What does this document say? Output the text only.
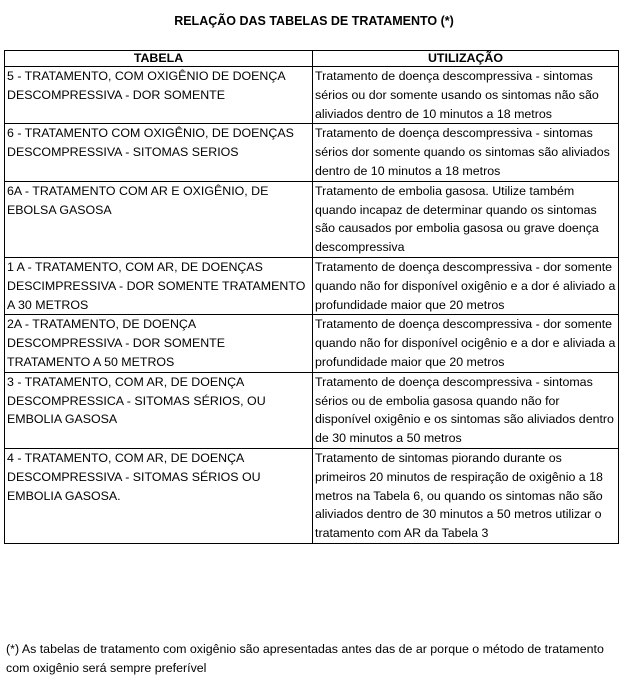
RELAÇÃO DAS TABELAS DE TRATAMENTO (*)
TABELA	UTILIZAÇÃO

5 - TRATAMENTO, COM OXIGÊNIO DE DOENÇA DESCOMPRESSIVA - DOR SOMENTE	Tratamento de doença descompressiva - sintomas sérios ou dor somente usando os sintomas não são aliviados dentro de 10 minutos a 18 metros

6 - TRATAMENTO COM OXIGÊNIO, DE DOENÇAS DESCOMPRESSIVA - SITOMAS SERIOS	Tratamento de doença descompressiva - sintomas sérios dor somente quando os sintomas são aliviados dentro de 10 minutos a 18 metros

6A - TRATAMENTO COM AR E OXIGÊNIO, DE EBOLSA GASOSA	Tratamento de embolia gasosa. Utilize também quando incapaz de determinar quando os sintomas são causados por embolia gasosa ou grave doença descompressiva

1 A - TRATAMENTO, COM AR, DE DOENÇAS DESCIMPRESSIVA - DOR SOMENTE TRATAMENTO A 30 METROS	Tratamento de doença descompressiva - dor somente quando não for disponível oxigênio e a dor é aliviado a profundidade maior que 20 metros

2A - TRATAMENTO, DE DOENÇA DESCOMPRESSIVA - DOR SOMENTE TRATAMENTO A 50 METROS	Tratamento de doença descompressiva - dor somente quando não for disponível ocigênio e a dor e aliviada a profundidade maior que 20 metros

3 - TRATAMENTO, COM AR, DE DOENÇA DESCOMPRESSICA - SITOMAS SÉRIOS, OU EMBOLIA GASOSA	Tratamento de doença descompressiva - sintomas sérios ou de embolia gasosa quando não for disponível oxigênio e os sintomas são aliviados dentro de 30 minutos a 50 metros

4 - TRATAMENTO, COM AR, DE DOENÇA DESCOMPRESSIVA - SITOMAS SÉRIOS OU EMBOLIA GASOSA.	Tratamento de sintomas piorando durante os primeiros 20 minutos de respiração de oxigênio a 18 metros na Tabela 6, ou quando os sintomas não são aliviados dentro de 30 minutos a 50 metros utilizar o tratamento com AR da Tabela 3
(*) As tabelas de tratamento com oxigênio são apresentadas antes das de ar porque o método de tratamento com oxigênio será sempre preferível
